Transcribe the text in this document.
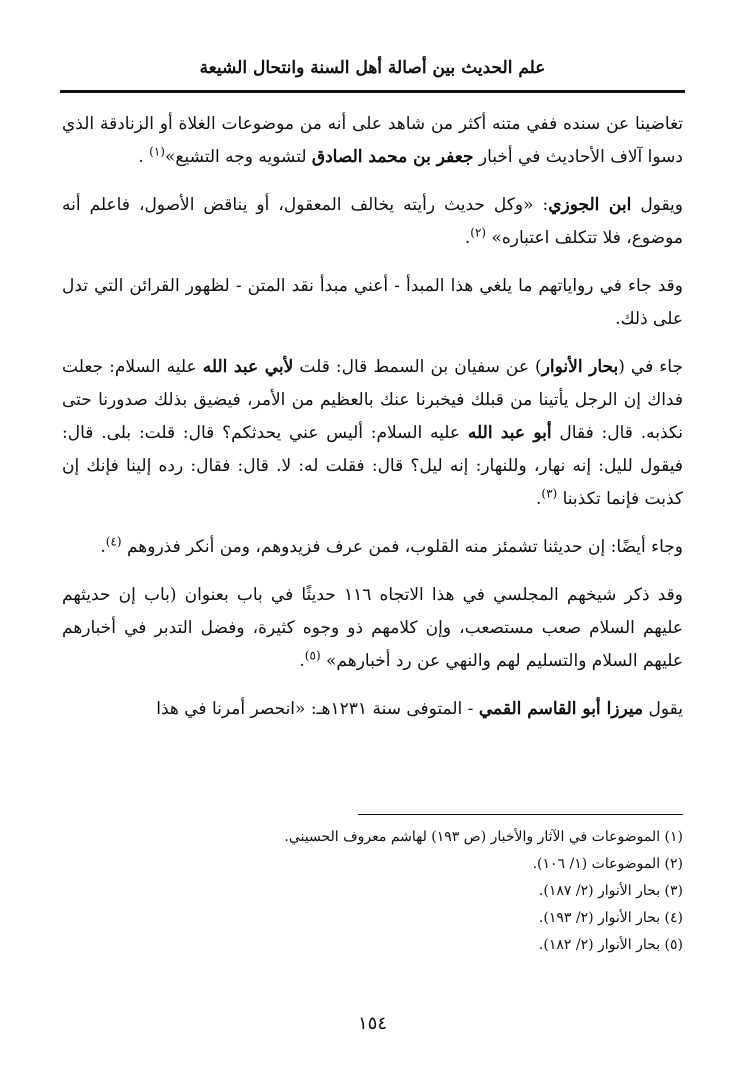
علم الحديث بين أصالة أهل السنة وانتحال الشيعة

تغاضينا عن سنده ففي متنه أكثر من شاهد على أنه من موضوعات الغلاة أو الزنادقة الذي دسوا آلاف الأحاديث في أخبار جعفر بن محمد الصادق لتشويه وجه التشيع»$^{(١)}$ .

ويقول ابن الجوزي: «وكل حديث رأيته يخالف المعقول، أو يناقض الأصول، فاعلم أنه موضوع، فلا تتكلف اعتباره» $^{(٢)}$.

وقد جاء في رواياتهم ما يلغي هذا المبدأ - أعني مبدأ نقد المتن - لظهور القرائن التي تدل على ذلك.

جاء في (بحار الأنوار) عن سفيان بن السمط قال: قلت لأبي عبد الله عليه السلام: جعلت فداك إن الرجل يأتينا من قبلك فيخبرنا عنك بالعظيم من الأمر، فيضيق بذلك صدورنا حتى نكذبه. قال: فقال أبو عبد الله عليه السلام: أليس عني يحدثكم؟ قال: قلت: بلى. قال: فيقول لليل: إنه نهار، وللنهار: إنه ليل؟ قال: فقلت له: لا. قال: فقال: رده إلينا فإنك إن كذبت فإنما تكذبنا $^{(٣)}$.

وجاء أيضًا: إن حديثنا تشمئز منه القلوب، فمن عرف فزيدوهم، ومن أنكر فذروهم $^{(٤)}$.

وقد ذكر شيخهم المجلسي في هذا الاتجاه ١١٦ حديثًا في باب بعنوان (باب إن حديثهم عليهم السلام صعب مستصعب، وإن كلامهم ذو وجوه كثيرة، وفضل التدبر في أخبارهم عليهم السلام والتسليم لهم والنهي عن رد أخبارهم» $^{(٥)}$.

يقول ميرزا أبو القاسم القمي - المتوفى سنة ١٢٣١هـ: «انحصر أمرنا في هذا

(١) الموضوعات في الآثار والأخبار (ص ١٩٣) لهاشم معروف الحسيني.
(٢) الموضوعات (١/ ١٠٦).
(٣) بحار الأنوار (٢/ ١٨٧).
(٤) بحار الأنوار (٢/ ١٩٣).
(٥) بحار الأنوار (٢/ ١٨٢).
١٥٤
